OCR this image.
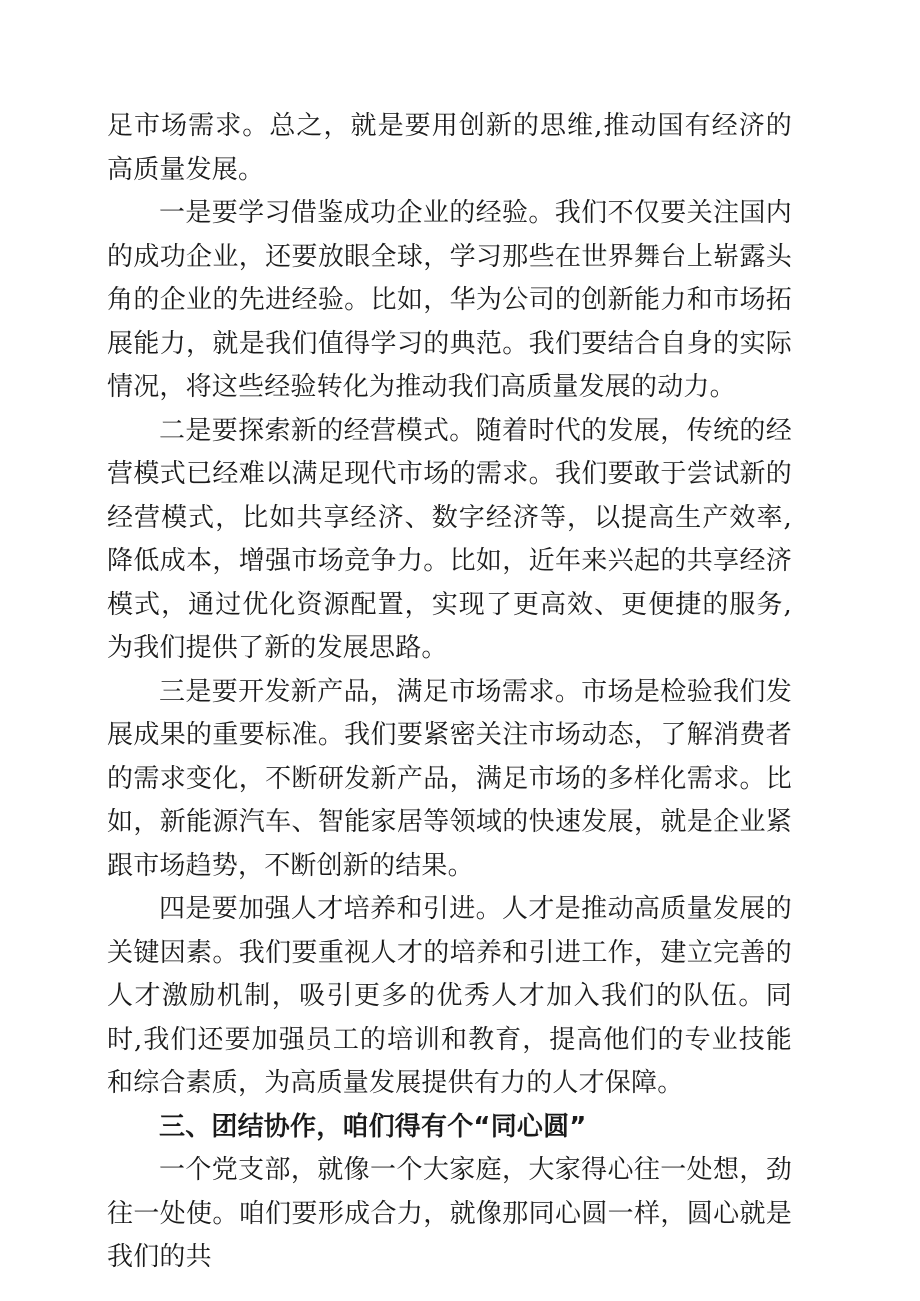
足市场需求。总之，就是要用创新的思维,推动国有经济的高质量发展。

一是要学习借鉴成功企业的经验。我们不仅要关注国内的成功企业，还要放眼全球，学习那些在世界舞台上崭露头角的企业的先进经验。比如，华为公司的创新能力和市场拓展能力，就是我们值得学习的典范。我们要结合自身的实际情况，将这些经验转化为推动我们高质量发展的动力。

二是要探索新的经营模式。随着时代的发展，传统的经营模式已经难以满足现代市场的需求。我们要敢于尝试新的经营模式，比如共享经济、数字经济等，以提高生产效率,降低成本，增强市场竞争力。比如，近年来兴起的共享经济模式，通过优化资源配置，实现了更高效、更便捷的服务,为我们提供了新的发展思路。

三是要开发新产品，满足市场需求。市场是检验我们发展成果的重要标准。我们要紧密关注市场动态，了解消费者的需求变化，不断研发新产品，满足市场的多样化需求。比如，新能源汽车、智能家居等领域的快速发展，就是企业紧跟市场趋势，不断创新的结果。

四是要加强人才培养和引进。人才是推动高质量发展的关键因素。我们要重视人才的培养和引进工作，建立完善的人才激励机制，吸引更多的优秀人才加入我们的队伍。同时,我们还要加强员工的培训和教育，提高他们的专业技能和综合素质，为高质量发展提供有力的人才保障。

三、团结协作，咱们得有个“同心圆”

一个党支部，就像一个大家庭，大家得心往一处想，劲往一处使。咱们要形成合力，就像那同心圆一样，圆心就是我们的共
